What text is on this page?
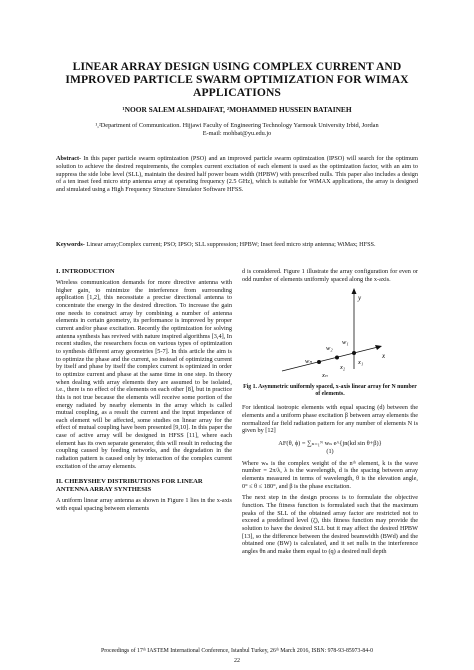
LINEAR ARRAY DESIGN USING COMPLEX CURRENT AND IMPROVED PARTICLE SWARM OPTIMIZATION FOR WIMAX APPLICATIONS
¹NOOR SALEM ALSHDAIFAT, ²MOHAMMED HUSSEIN BATAINEH
¹,²Department of Communication. Hijjawi Faculty of Engineering Technology Yarmouk University Irbid, Jordan
E-mail: mohbat@yu.edu.jo
Abstract- In this paper particle swarm optimization (PSO) and an improved particle swarm optimization (IPSO) will search for the optimum solution to achieve the desired requirements, the complex current excitation of each element is used as the optimization factor, with an aim to suppress the side lobe level (SLL), maintain the desired half power beam width (HPBW) with prescribed nulls. This paper also includes a design of a ten inset feed micro strip antenna array at operating frequency (2.5 GHz), which is suitable for WiMAX applications, the array is designed and simulated using a High Frequency Structure Simulator Software HFSS.
Keywords- Linear array;Complex current; PSO; IPSO; SLL suppression; HPBW; Inset feed micro strip antenna; WiMax; HFSS.
I. INTRODUCTION

Wireless communication demands for more directive antenna with higher gain, to minimize the interference from surrounding application [1,2], this necessitate a precise directional antenna to concentrate the energy in the desired direction. To increase the gain one needs to construct array by combining a number of antenna elements in certain geometry, its performance is improved by proper current and/or phase excitation. Recently the optimization for solving antenna synthesis has revived with nature inspired algorithms [3,4], In recent studies, the researchers focus on various types of optimization to synthesis different array geometries [5-7]. In this article the aim is to optimize the phase and the current, so instead of optimizing current by itself and phase by itself the complex current is optimized in order to optimize current and phase at the same time in one step. In theory when dealing with array elements they are assumed to be isolated, i.e., there is no effect of the elements on each other [8], but in practice this is not true because the elements will receive some portion of the energy radiated by nearby elements in the array which is called mutual coupling, as a result the current and the input impedance of each element will be affected, some studies on linear array for the effect of mutual coupling have been presented [9,10]. In this paper the case of active array will be designed in HFSS [11], where each element has its own separate generator, this will result in reducing the coupling caused by feeding networks, and the degradation in the radiation pattern is caused only by interaction of the complex current excitation of the array elements.

II. CHEBYSHEV DISTRIBUTIONS FOR LINEAR ANTENNA ARRAY SYNTHESIS

A uniform linear array antenna as shown in Figure 1 lies in the x-axis with equal spacing between elements

d is considered. Figure 1 illustrate the array configuration for even or odd number of elements uniformly spaced along the x-axis.

y
x
w₁
w₂
wₙ	x₁
x₂
xₙ
Fig 1. Asymmetric uniformly spaced, x-axis linear array for N number of elements.

For identical isotropic elements with equal spacing (d) between the elements and a uniform phase excitation β between array elements the normalized far field radiation pattern for any number of elements N is given by [12]

AF(θ, ϕ) = ∑ₙ₌₁ᴺ wₙ e^{jn(kd sin θ+β)}
(1)

Where wₙ is the complex weight of the nᵗʰ element, k is the wave number = 2π/λ, λ is the wavelength, d is the spacing between array elements measured in terms of wavelength, θ is the elevation angle, 0° ≤ θ ≤ 180°, and β is the phase excitation.

The next step in the design process is to formulate the objective function. The fitness function is formulated such that the maximum peaks of the SLL of the obtained array factor are restricted not to exceed a predefined level (ζ), this fitness function may provide the solution to have the desired SLL but it may affect the desired HPBW [13], so the difference between the desired beamwidth (BWd) and the obtained one (BW) is calculated, and it set nulls in the interference angles θn and make them equal to (q) a desired null depth

Proceedings of 17ᵗʰ IASTEM International Conference, Istanbul Turkey, 26ᵗʰ March 2016, ISBN: 978-93-85973-84-0
22
